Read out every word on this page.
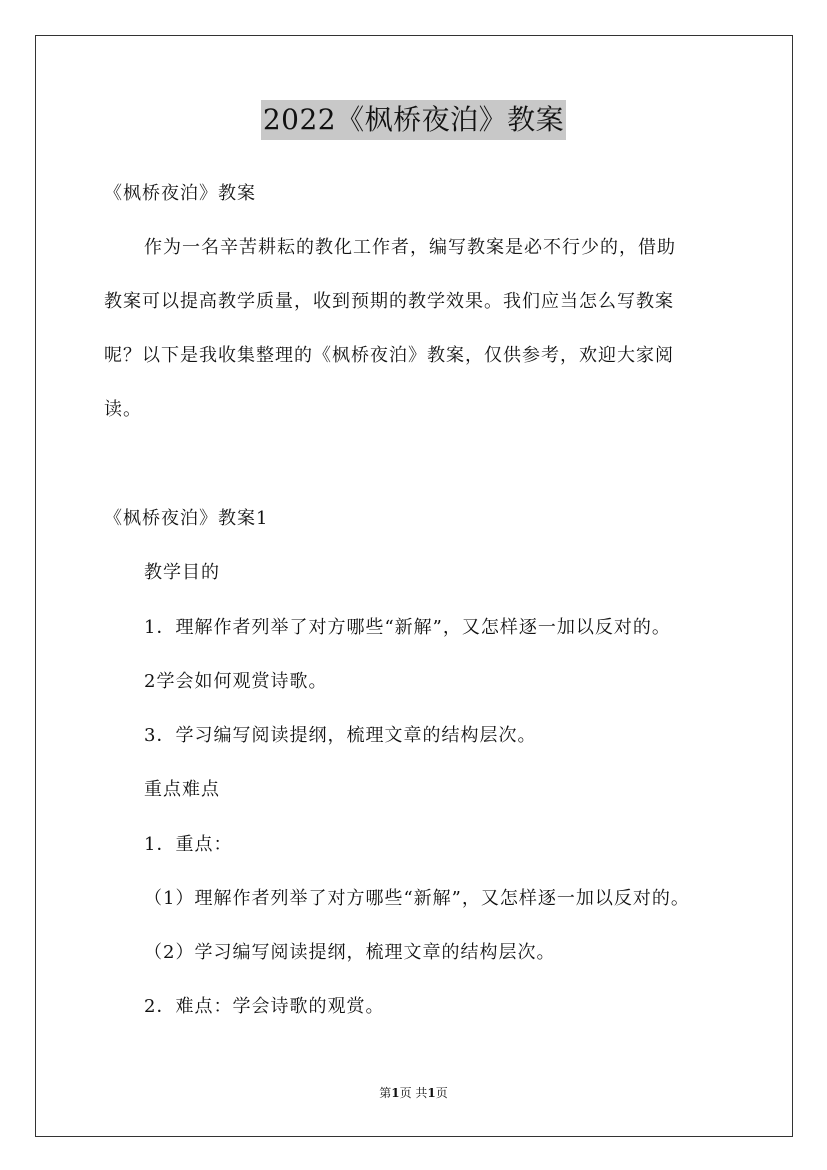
2022《枫桥夜泊》教案
《枫桥夜泊》教案
作为一名辛苦耕耘的教化工作者，编写教案是必不行少的，借助
教案可以提高教学质量，收到预期的教学效果。我们应当怎么写教案
呢？以下是我收集整理的《枫桥夜泊》教案，仅供参考，欢迎大家阅
读。
《枫桥夜泊》教案1
教学目的
1．理解作者列举了对方哪些“新解”，又怎样逐一加以反对的。
2学会如何观赏诗歌。
3．学习编写阅读提纲，梳理文章的结构层次。
重点难点
1．重点：
（1）理解作者列举了对方哪些“新解”，又怎样逐一加以反对的。
（2）学习编写阅读提纲，梳理文章的结构层次。
2．难点：学会诗歌的观赏。
第1页 共1页
